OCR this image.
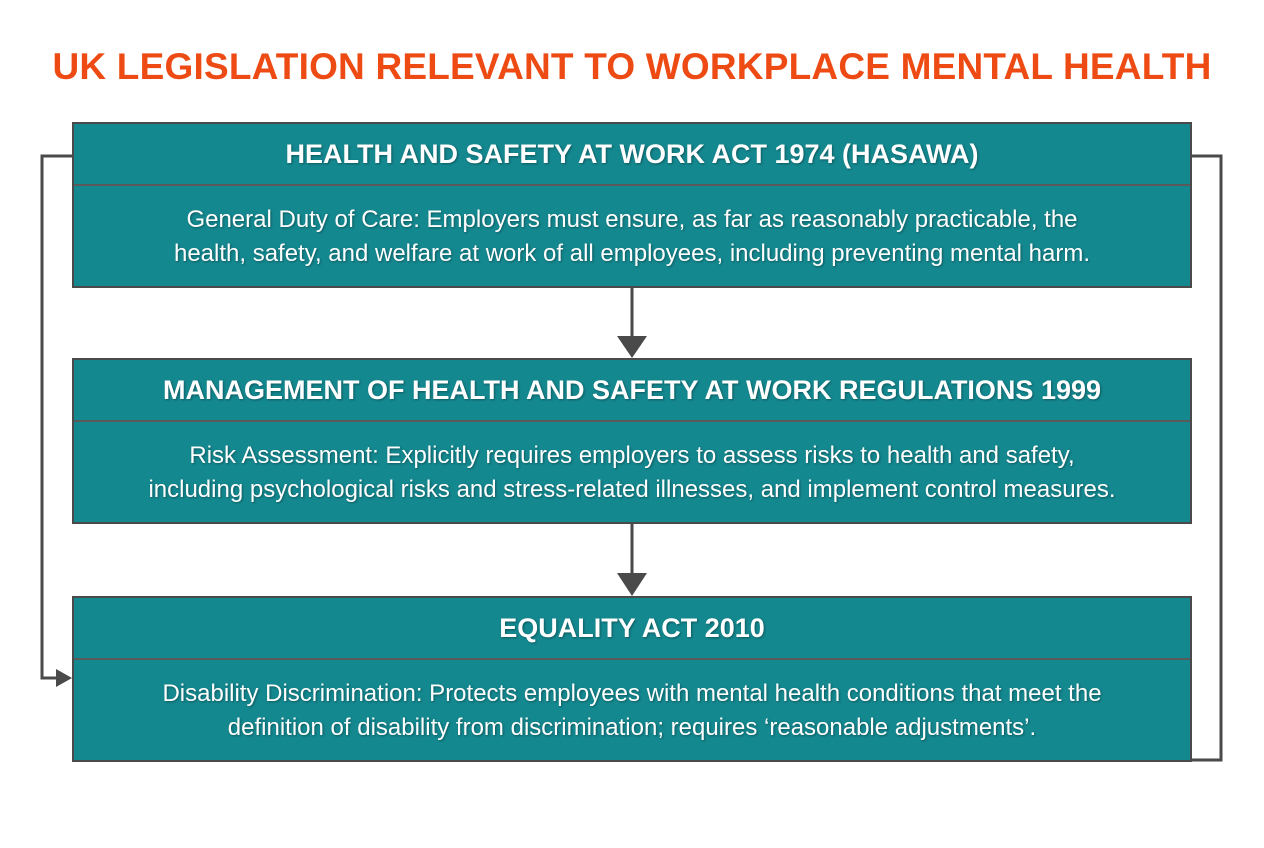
UK LEGISLATION RELEVANT TO WORKPLACE MENTAL HEALTH
HEALTH AND SAFETY AT WORK ACT 1974 (HASAWA)
General Duty of Care: Employers must ensure, as far as reasonably practicable, the
health, safety, and welfare at work of all employees, including preventing mental harm.
MANAGEMENT OF HEALTH AND SAFETY AT WORK REGULATIONS 1999
Risk Assessment: Explicitly requires employers to assess risks to health and safety,
including psychological risks and stress-related illnesses, and implement control measures.
EQUALITY ACT 2010
Disability Discrimination: Protects employees with mental health conditions that meet the
definition of disability from discrimination; requires ‘reasonable adjustments’.
